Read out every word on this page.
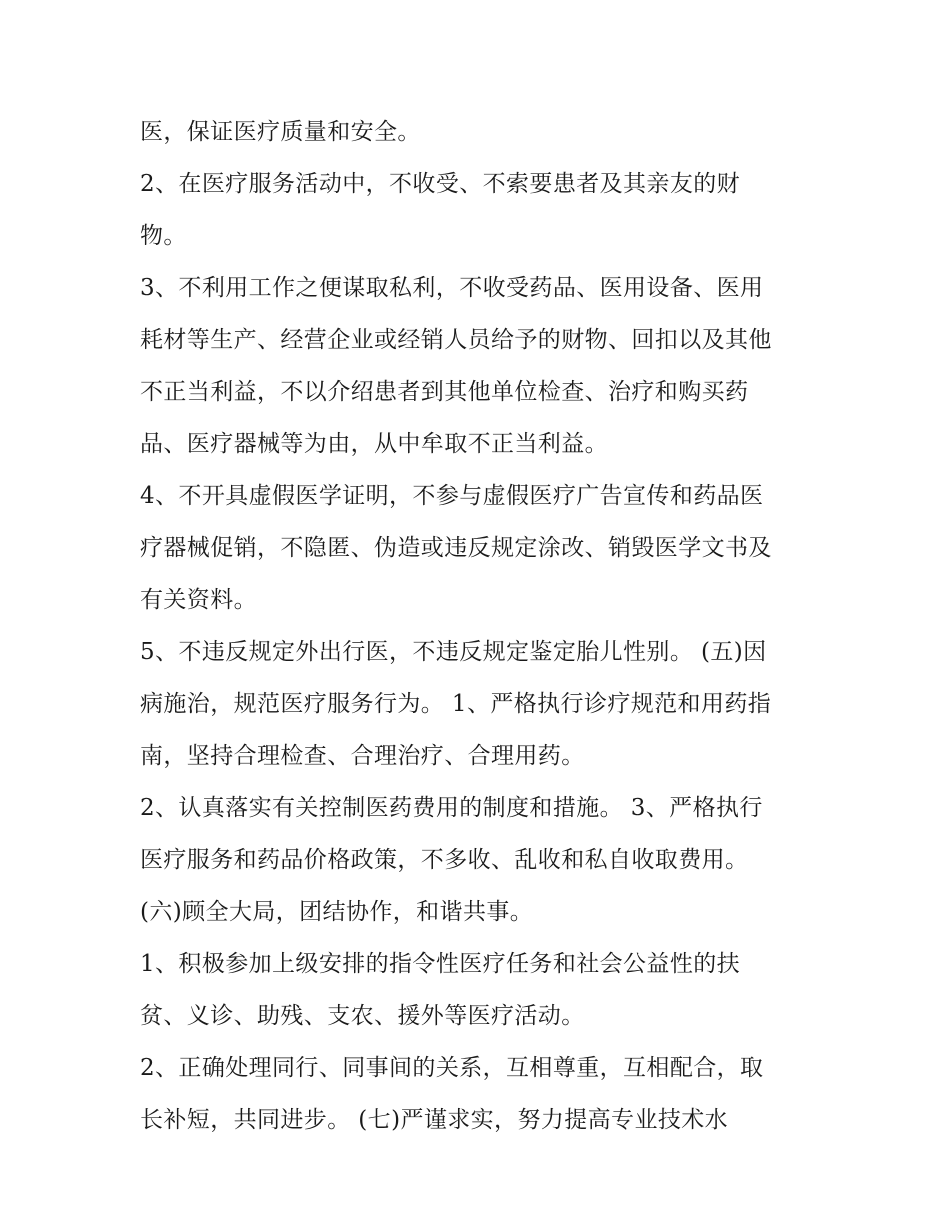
医，保证医疗质量和安全。
2、在医疗服务活动中，不收受、不索要患者及其亲友的财
物。
3、不利用工作之便谋取私利，不收受药品、医用设备、医用
耗材等生产、经营企业或经销人员给予的财物、回扣以及其他
不正当利益，不以介绍患者到其他单位检查、治疗和购买药
品、医疗器械等为由，从中牟取不正当利益。
4、不开具虚假医学证明，不参与虚假医疗广告宣传和药品医
疗器械促销，不隐匿、伪造或违反规定涂改、销毁医学文书及
有关资料。
5、不违反规定外出行医，不违反规定鉴定胎儿性别。 (五)因
病施治，规范医疗服务行为。 1、严格执行诊疗规范和用药指
南，坚持合理检查、合理治疗、合理用药。
2、认真落实有关控制医药费用的制度和措施。 3、严格执行
医疗服务和药品价格政策，不多收、乱收和私自收取费用。
(六)顾全大局，团结协作，和谐共事。
1、积极参加上级安排的指令性医疗任务和社会公益性的扶
贫、义诊、助残、支农、援外等医疗活动。
2、正确处理同行、同事间的关系，互相尊重，互相配合，取
长补短，共同进步。 (七)严谨求实，努力提高专业技术水
